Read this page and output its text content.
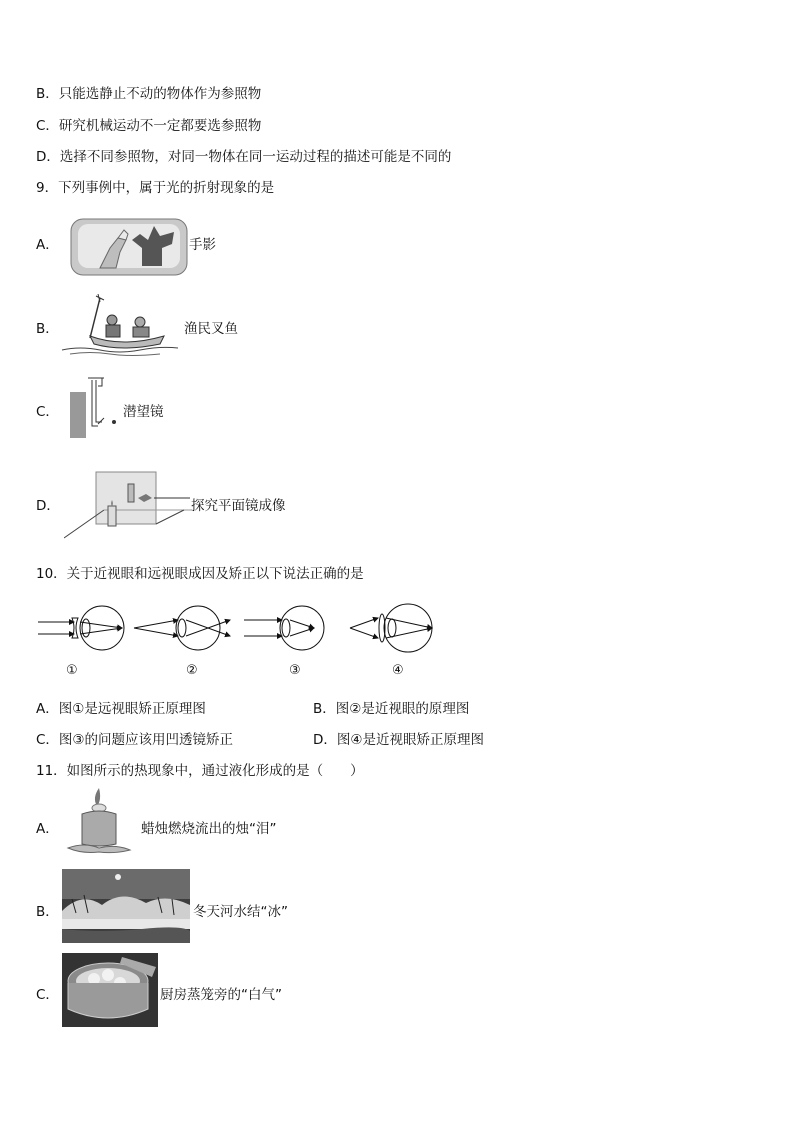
B．只能选静止不动的物体作为参照物
C．研究机械运动不一定都要选参照物
D．选择不同参照物，对同一物体在同一运动过程的描述可能是不同的
9．下列事例中，属于光的折射现象的是
A．	手影
B．	渔民叉鱼
C．	潜望镜
D．	探究平面镜成像
10．关于近视眼和远视眼成因及矫正以下说法正确的是
①	②	③	④
A．图①是远视眼矫正原理图	B．图②是近视眼的原理图
C．图③的问题应该用凹透镜矫正	D．图④是近视眼矫正原理图
11．如图所示的热现象中，通过液化形成的是（　　）
A．	蜡烛燃烧流出的烛“泪”
B．	冬天河水结“冰”
C．	厨房蒸笼旁的“白气”
